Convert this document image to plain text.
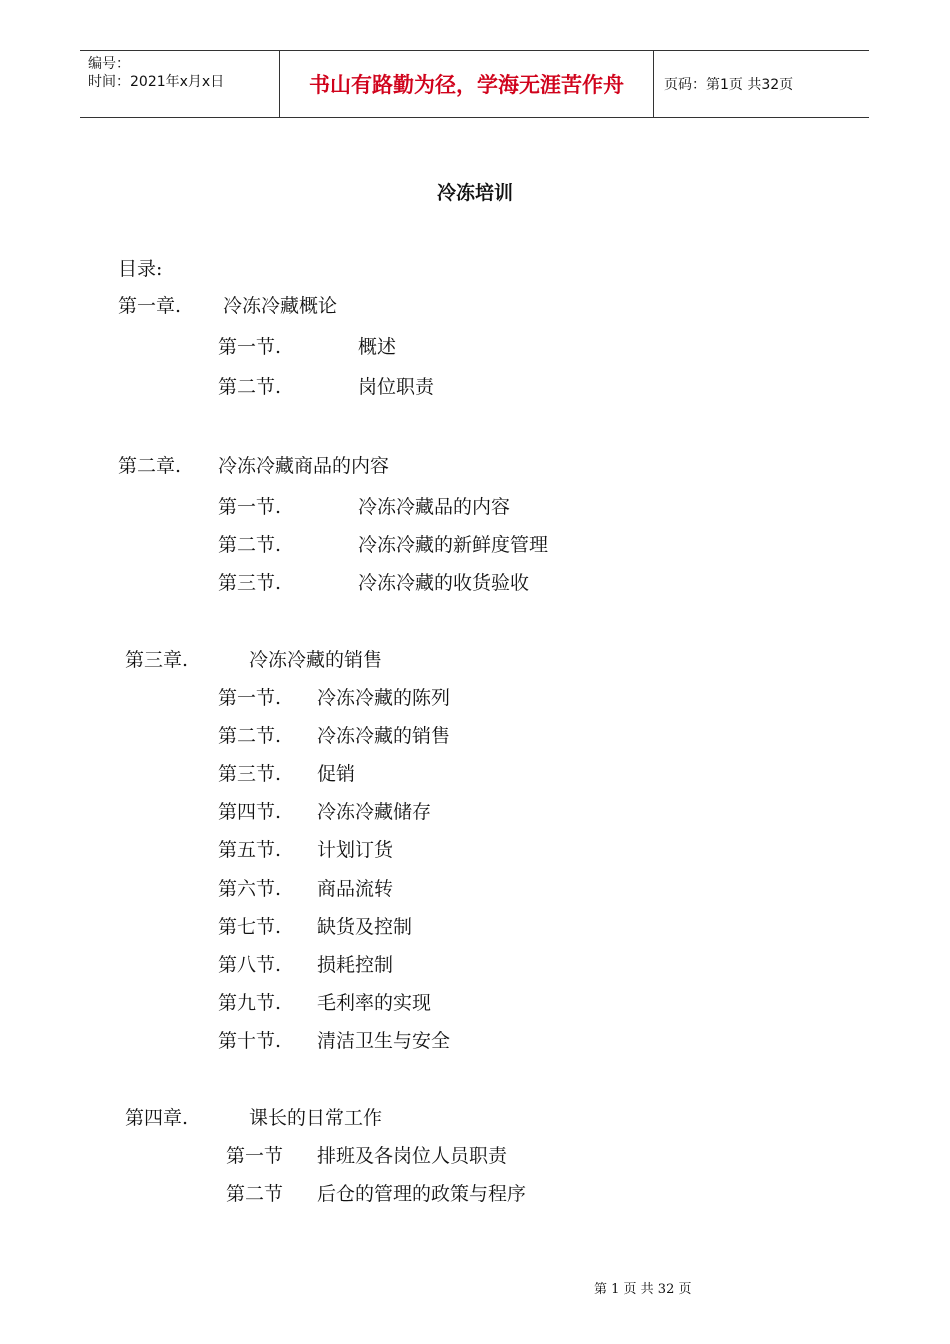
编号：
时间：2021年x月x日	书山有路勤为径，学海无涯苦作舟	页码：第1页 共32页
冷冻培训
目录:
第一章. 冷冻冷藏概论
第一节.	概述
第二节.	岗位职责
第二章. 冷冻冷藏商品的内容
第一节.	冷冻冷藏品的内容
第二节.	冷冻冷藏的新鲜度管理
第三节.	冷冻冷藏的收货验收
第三章.	冷冻冷藏的销售
第一节. 冷冻冷藏的陈列
第二节. 冷冻冷藏的销售
第三节. 促销
第四节. 冷冻冷藏储存
第五节. 计划订货
第六节. 商品流转
第七节. 缺货及控制
第八节. 损耗控制
第九节. 毛利率的实现
第十节. 清洁卫生与安全
第四章.	课长的日常工作
第一节 排班及各岗位人员职责
第二节 后仓的管理的政策与程序
第 1 页 共 32 页
